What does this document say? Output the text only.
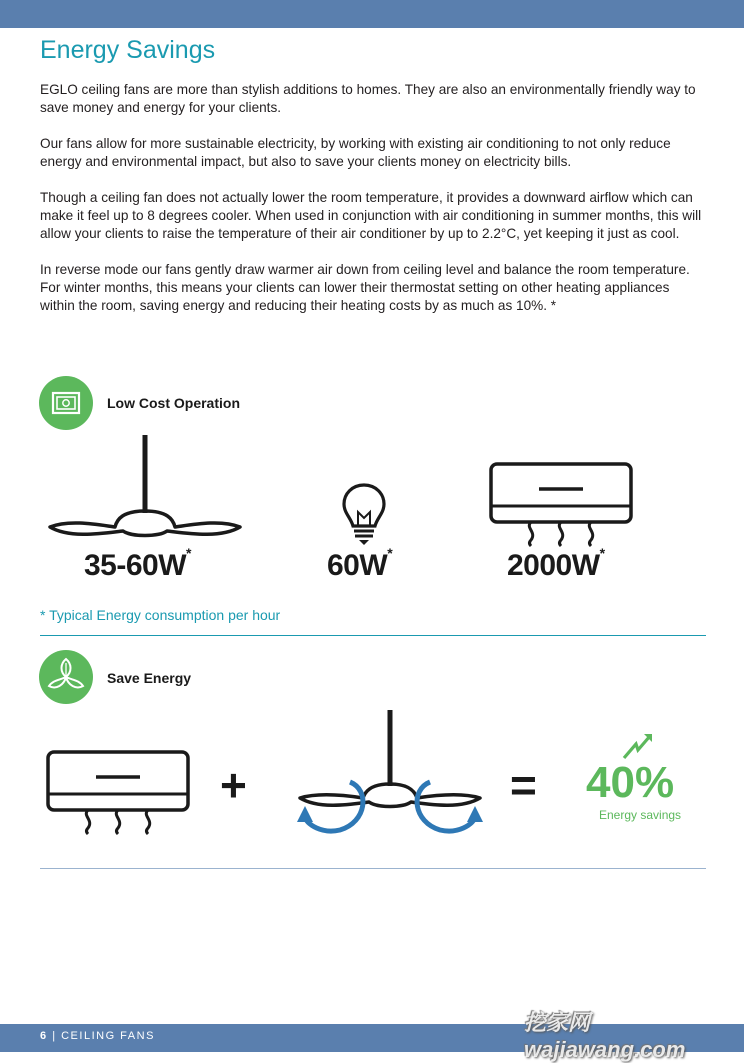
Energy Savings

EGLO ceiling fans are more than stylish additions to homes. They are also an environmentally friendly way to save money and energy for your clients.

Our fans allow for more sustainable electricity, by working with existing air conditioning to not only reduce energy and environmental impact, but also to save your clients money on electricity bills.

Though a ceiling fan does not actually lower the room temperature, it provides a downward airflow which can make it feel up to 8 degrees cooler. When used in conjunction with air conditioning in summer months, this will allow your clients to raise the temperature of their air conditioner by up to 2.2°C, yet keeping it just as cool.

In reverse mode our fans gently draw warmer air down from ceiling level and balance the room temperature. For winter months, this means your clients can lower their thermostat setting on other heating appliances within the room, saving energy and reducing their heating costs by as much as 10%. *

Low Cost Operation
35-60W*	60W*	2000W*
* Typical Energy consumption per hour
Save Energy
+	= 40%
Energy savings
6 | CEILING FANS
挖家网 wajiawang.com
